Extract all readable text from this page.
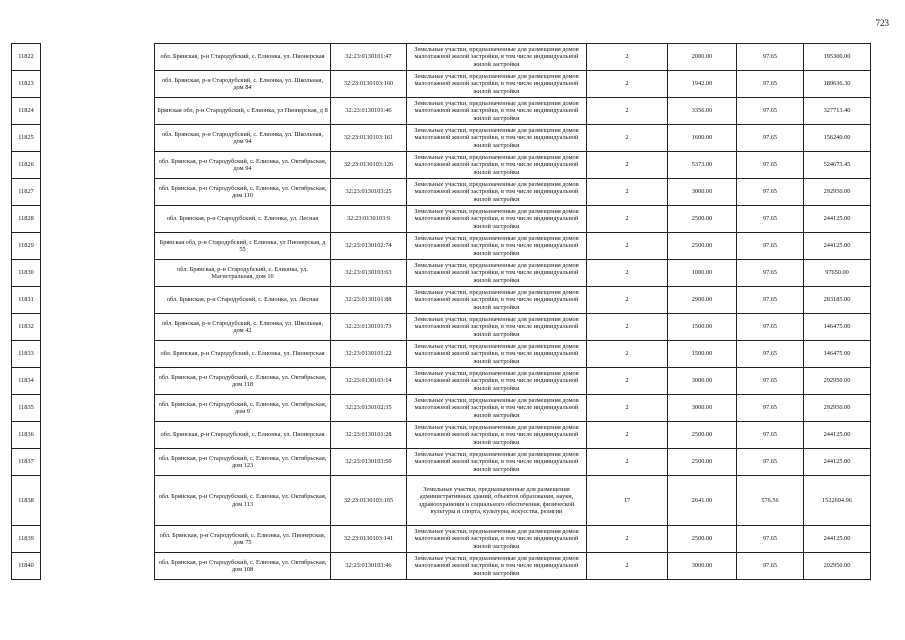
723
11822		обл. Брянская, р-н Стародубский, с. Елионка, ул. Пионерская	32:23:0130101:47	Земельные участки, предназначенные для размещения домов малоэтажной жилой застройки, в том числе индивидуальной жилой застройки	2	2000.00	97.65	195300.00
11823		обл. Брянская, р-н Стародубский, с. Елионка, ул. Школьная, дом 84	32:23:0130103:160	Земельные участки, предназначенные для размещения домов малоэтажной жилой застройки, в том числе индивидуальной жилой застройки	2	1942.00	97.65	189636.30
11824		Брянская обл, р-н Стародубский, с Елионка, ул Пионерская, д 8	32:23:0130101:46	Земельные участки, предназначенные для размещения домов малоэтажной жилой застройки, в том числе индивидуальной жилой застройки	2	3356.00	97.65	327713.40
11825		обл. Брянская, р-н Стародубский, с. Елионка, ул. Школьная, дом 94	32:23:0130103:161	Земельные участки, предназначенные для размещения домов малоэтажной жилой застройки, в том числе индивидуальной жилой застройки	2	1600.00	97.65	156240.00
11826		обл. Брянская, р-н Стародубский, с. Елионка, ул. Октябрьская, дом 94	32:23:0130103:126	Земельные участки, предназначенные для размещения домов малоэтажной жилой застройки, в том числе индивидуальной жилой застройки	2	5373.00	97.65	524673.45
11827		обл. Брянская, р-н Стародубский, с. Елионка, ул. Октябрьская, дом 110	32:23:0130103:25	Земельные участки, предназначенные для размещения домов малоэтажной жилой застройки, в том числе индивидуальной жилой застройки	2	3000.00	97.65	292950.00
11828		обл. Брянская, р-н Стародубский, с. Елионка, ул. Лесная	32:23:0130103:9	Земельные участки, предназначенные для размещения домов малоэтажной жилой застройки, в том числе индивидуальной жилой застройки	2	2500.00	97.65	244125.00
11829		Брянская обл, р-н Стародубский, с Елионка, ул Пионерская, д 55	32:23:0130102:74	Земельные участки, предназначенные для размещения домов малоэтажной жилой застройки, в том числе индивидуальной жилой застройки	2	2500.00	97.65	244125.00
11830		обл. Брянская, р-н Стародубский, с. Елионка, ул. Магистральная, дом 10	32:23:0130103:63	Земельные участки, предназначенные для размещения домов малоэтажной жилой застройки, в том числе индивидуальной жилой застройки	2	1000.00	97.65	97650.00
11831		обл. Брянская, р-н Стародубский, с. Елионка, ул. Лесная	32:23:0130101:88	Земельные участки, предназначенные для размещения домов малоэтажной жилой застройки, в том числе индивидуальной жилой застройки	2	2900.00	97.65	283185.00
11832		обл. Брянская, р-н Стародубский, с. Елионка, ул. Школьная, дом 42	32:23:0130101:73	Земельные участки, предназначенные для размещения домов малоэтажной жилой застройки, в том числе индивидуальной жилой застройки	2	1500.00	97.65	146475.00
11833		обл. Брянская, р-н Стародубский, с. Елионка, ул. Пионерская	32:23:0130101:22	Земельные участки, предназначенные для размещения домов малоэтажной жилой застройки, в том числе индивидуальной жилой застройки	2	1500.00	97.65	146475.00
11834		обл. Брянская, р-н Стародубский, с. Елионка, ул. Октябрьская, дом 118	32:23:0130103:14	Земельные участки, предназначенные для размещения домов малоэтажной жилой застройки, в том числе индивидуальной жилой застройки	2	3000.00	97.65	292950.00
11835		обл. Брянская, р-н Стародубский, с. Елионка, ул. Октябрьская, дом 9	32:23:0130102:35	Земельные участки, предназначенные для размещения домов малоэтажной жилой застройки, в том числе индивидуальной жилой застройки	2	3000.00	97.65	292950.00
11836		обл. Брянская, р-н Стародубский, с. Елионка, ул. Пионерская	32:23:0130101:28	Земельные участки, предназначенные для размещения домов малоэтажной жилой застройки, в том числе индивидуальной жилой застройки	2	2500.00	97.65	244125.00
11837		обл. Брянская, р-н Стародубский, с. Елионка, ул. Октябрьская, дом 123	32:23:0130103:50	Земельные участки, предназначенные для размещения домов малоэтажной жилой застройки, в том числе индивидуальной жилой застройки	2	2500.00	97.65	244125.00
11838		обл. Брянская, р-н Стародубский, с. Елионка, ул. Октябрьская, дом 113	32:23:0130103:165	Земельные участки, предназначенные для размещения административных зданий, объектов образования, науки, здравоохранения и социального обеспечения, физической культуры и спорта, культуры, искусства, религии	17	2641.00	576.56	1522694.96
11839		обл. Брянская, р-н Стародубский, с. Елионка, ул. Пионерская, дом 75	32:23:0130103:141	Земельные участки, предназначенные для размещения домов малоэтажной жилой застройки, в том числе индивидуальной жилой застройки	2	2500.00	97.65	244125.00
11840		обл. Брянская, р-н Стародубский, с. Елионка, ул. Октябрьская, дом 108	32:23:0130103:46	Земельные участки, предназначенные для размещения домов малоэтажной жилой застройки, в том числе индивидуальной жилой застройки	2	3000.00	97.65	292950.00
